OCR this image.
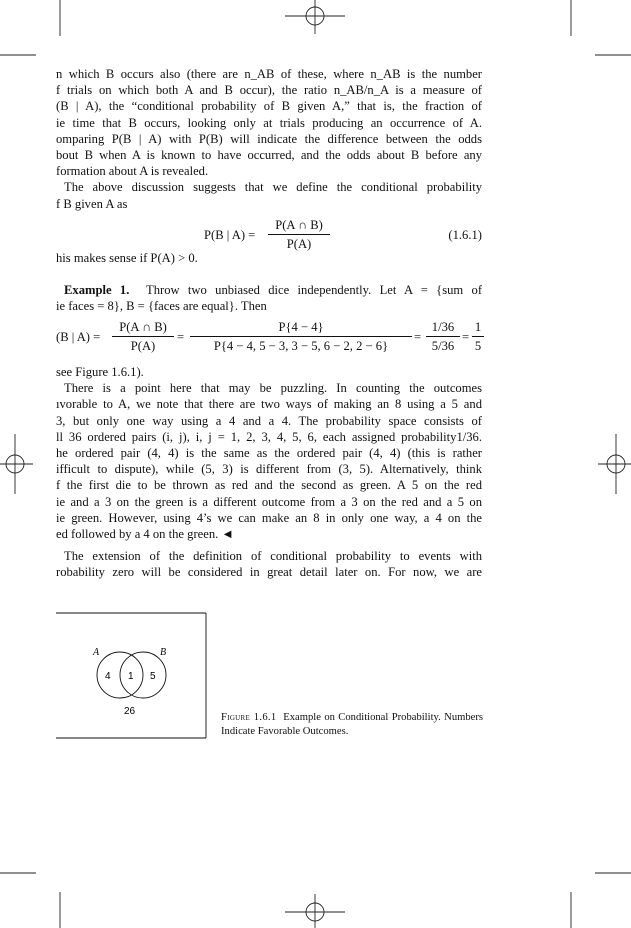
n which B occurs also (there are n_AB of these, where n_AB is the number
f trials on which both A and B occur), the ratio n_AB/n_A is a measure of
(B | A), the “conditional probability of B given A,” that is, the fraction of
ie time that B occurs, looking only at trials producing an occurrence of A.
omparing P(B | A) with P(B) will indicate the difference between the odds
bout B when A is known to have occurred, and the odds about B before any
formation about A is revealed.
The above discussion suggests that we define the conditional probability
f B given A as
P(B | $A) = \frac{P(A \cap B)}{P(A)}$	(1.6.1)
his makes sense if P(A) > 0.
Example 1. Throw two unbiased dice independently. Let A = {sum of
ie faces = 8}, B = {faces are equal}. Then
(B | $A) = \frac{P(A \cap B)}{P(A)} = \frac{P\{4 - 4\}}{P\{4 - 4, 5 - 3, 3 - 5, 6 - 2, 2 - 6\}} = \frac{1/36}{5/36} = \frac{1}{5}$
see Figure 1.6.1).
There is a point here that may be puzzling. In counting the outcomes
ıvorable to A, we note that there are two ways of making an 8 using a 5 and
3, but only one way using a 4 and a 4. The probability space consists of
ll 36 ordered pairs (i, j), i, j = 1, 2, 3, 4, 5, 6, each assigned probability1/36.
he ordered pair (4, 4) is the same as the ordered pair (4, 4) (this is rather
ifficult to dispute), while (5, 3) is different from (3, 5). Alternatively, think
f the first die to be thrown as red and the second as green. A 5 on the red
ie and a 3 on the green is a different outcome from a 3 on the red and a 5 on
ie green. However, using 4’s we can make an 8 in only one way, a 4 on the
ed followed by a 4 on the green. ◄
The extension of the definition of conditional probability to events with
robability zero will be considered in great detail later on. For now, we are
A	B
4 1 5
26
Figure 1.6.1 Example on Conditional Probability. Numbers Indicate Favorable Outcomes.
